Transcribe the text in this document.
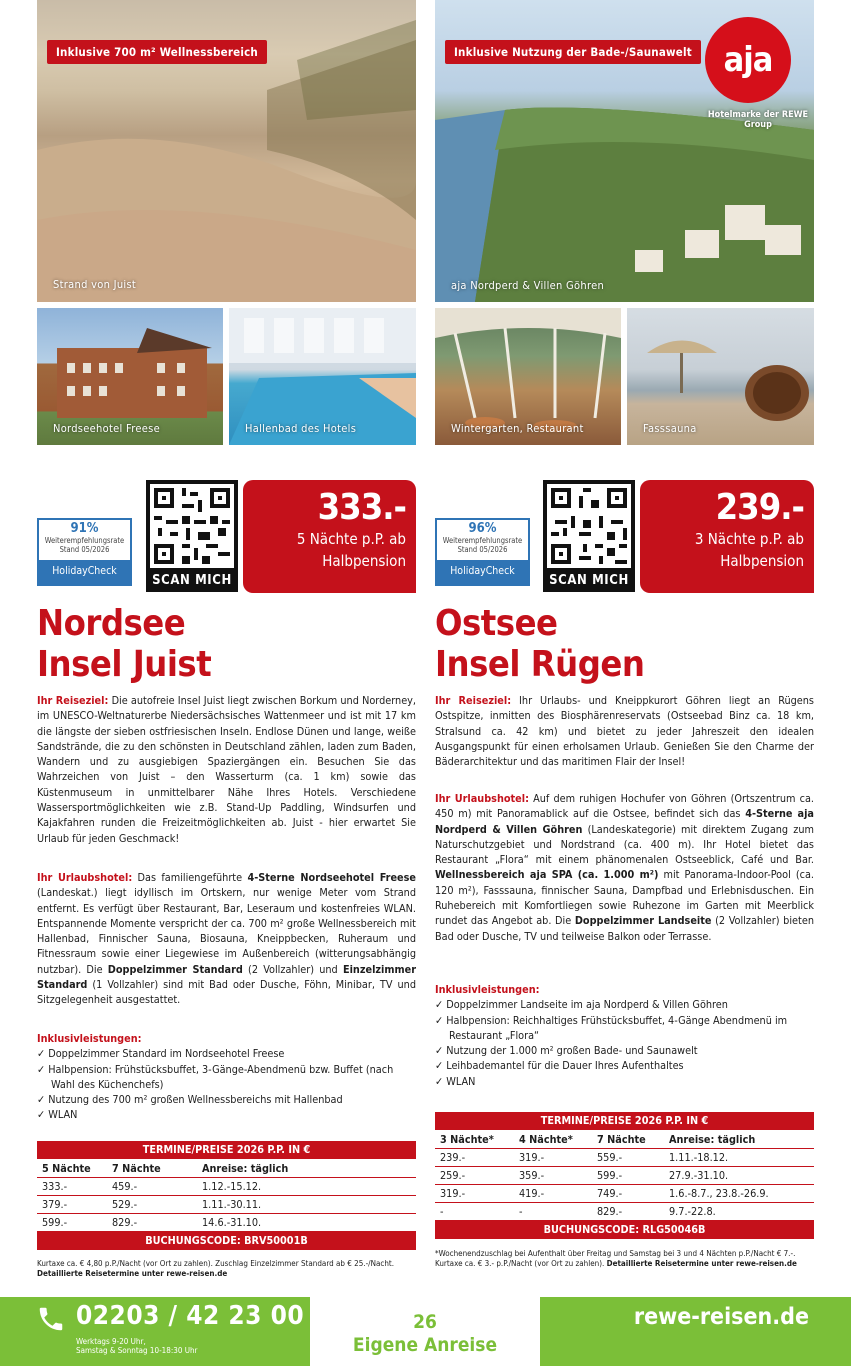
Inklusive 700 m² Wellnessbereich
Strand von Juist
Nordseehotel Freese	Hallenbad des Hotels
Inklusive Nutzung der Bade-/Saunawelt aja
Hotelmarke der REWE Group
aja Nordperd & Villen Göhren
Wintergarten, Restaurant	Fasssauna
91%
Weiterempfehlungsrate
Stand 05/2026
HolidayCheck
SCAN MICH
333.-
5 Nächte p.P. ab
Halbpension
96%
Weiterempfehlungsrate
Stand 05/2026
HolidayCheck
SCAN MICH
239.-
3 Nächte p.P. ab
Halbpension
Nordsee
Insel Juist
Ihr Reiseziel: Die autofreie Insel Juist liegt zwischen Borkum und Norderney, im UNESCO-Weltnaturerbe Niedersächsisches Wattenmeer und ist mit 17 km die längste der sieben ostfriesischen Inseln. Endlose Dünen und lange, weiße Sandstrände, die zu den schönsten in Deutschland zählen, laden zum Baden, Wandern und zu ausgiebigen Spaziergängen ein. Besuchen Sie das Wahrzeichen von Juist – den Wasserturm (ca. 1 km) sowie das Küstenmuseum in unmittelbarer Nähe Ihres Hotels. Verschiedene Wassersportmöglichkeiten wie z.B. Stand-Up Paddling, Windsurfen und Kajakfahren runden die Freizeitmöglichkeiten ab. Juist - hier erwartet Sie Urlaub für jeden Geschmack!
Ihr Urlaubshotel: Das familiengeführte 4-Sterne Nordseehotel Freese (Landeskat.) liegt idyllisch im Ortskern, nur wenige Meter vom Strand entfernt. Es verfügt über Restaurant, Bar, Leseraum und kostenfreies WLAN. Entspannende Momente verspricht der ca. 700 m² große Wellnessbereich mit Hallenbad, Finnischer Sauna, Biosauna, Kneippbecken, Ruheraum und Fitnessraum sowie einer Liegewiese im Außenbereich (witterungsabhängig nutzbar). Die Doppelzimmer Standard (2 Vollzahler) und Einzelzimmer Standard (1 Vollzahler) sind mit Bad oder Dusche, Föhn, Minibar, TV und Sitzgelegenheit ausgestattet.
Inklusivleistungen:
✓ Doppelzimmer Standard im Nordseehotel Freese
✓ Halbpension: Frühstücksbuffet, 3-Gänge-Abendmenü bzw. Buffet (nach Wahl des Küchenchefs)
✓ Nutzung des 700 m² großen Wellnessbereichs mit Hallenbad
✓ WLAN
TERMINE/PREISE 2026 P.P. IN €
5 Nächte	7 Nächte	Anreise: täglich
333.-	459.-	1.12.-15.12.
379.-	529.-	1.11.-30.11.
599.-	829.-	14.6.-31.10.
BUCHUNGSCODE: BRV50001B
Kurtaxe ca. € 4,80 p.P./Nacht (vor Ort zu zahlen). Zuschlag Einzelzimmer Standard ab € 25.-/Nacht. Detaillierte Reisetermine unter rewe-reisen.de
Ostsee
Insel Rügen
Ihr Reiseziel: Ihr Urlaubs- und Kneippkurort Göhren liegt an Rügens Ostspitze, inmitten des Biosphärenreservats (Ostseebad Binz ca. 18 km, Stralsund ca. 42 km) und bietet zu jeder Jahreszeit den idealen Ausgangspunkt für einen erholsamen Urlaub. Genießen Sie den Charme der Bäderarchitektur und das maritimen Flair der Insel!
Ihr Urlaubshotel: Auf dem ruhigen Hochufer von Göhren (Ortszentrum ca. 450 m) mit Panoramablick auf die Ostsee, befindet sich das 4-Sterne aja Nordperd & Villen Göhren (Landeskategorie) mit direktem Zugang zum Naturschutzgebiet und Nordstrand (ca. 400 m). Ihr Hotel bietet das Restaurant „Flora“ mit einem phänomenalen Ostseeblick, Café und Bar. Wellnessbereich aja SPA (ca. 1.000 m²) mit Panorama-Indoor-Pool (ca. 120 m²), Fasssauna, finnischer Sauna, Dampfbad und Erlebnisduschen. Ein Ruhebereich mit Komfortliegen sowie Ruhezone im Garten mit Meerblick rundet das Angebot ab. Die Doppelzimmer Landseite (2 Vollzahler) bieten Bad oder Dusche, TV und teilweise Balkon oder Terrasse.
Inklusivleistungen:
✓ Doppelzimmer Landseite im aja Nordperd & Villen Göhren
✓ Halbpension: Reichhaltiges Frühstücksbuffet, 4-Gänge Abendmenü im Restaurant „Flora“
✓ Nutzung der 1.000 m² großen Bade- und Saunawelt
✓ Leihbademantel für die Dauer Ihres Aufenthaltes
✓ WLAN
TERMINE/PREISE 2026 P.P. IN €
3 Nächte*	4 Nächte*	7 Nächte	Anreise: täglich
239.-	319.-	559.-	1.11.-18.12.
259.-	359.-	599.-	27.9.-31.10.
319.-	419.-	749.-	1.6.-8.7., 23.8.-26.9.
-	-	829.-	9.7.-22.8.
BUCHUNGSCODE: RLG50046B
*Wochenendzuschlag bei Aufenthalt über Freitag und Samstag bei 3 und 4 Nächten p.P./Nacht € 7.-. Kurtaxe ca. € 3.- p.P./Nacht (vor Ort zu zahlen). Detaillierte Reisetermine unter rewe-reisen.de
02203 / 42 23 00
Werktags 9-20 Uhr,
Samstag & Sonntag 10-18:30 Uhr
26
Eigene Anreise
rewe-reisen.de
